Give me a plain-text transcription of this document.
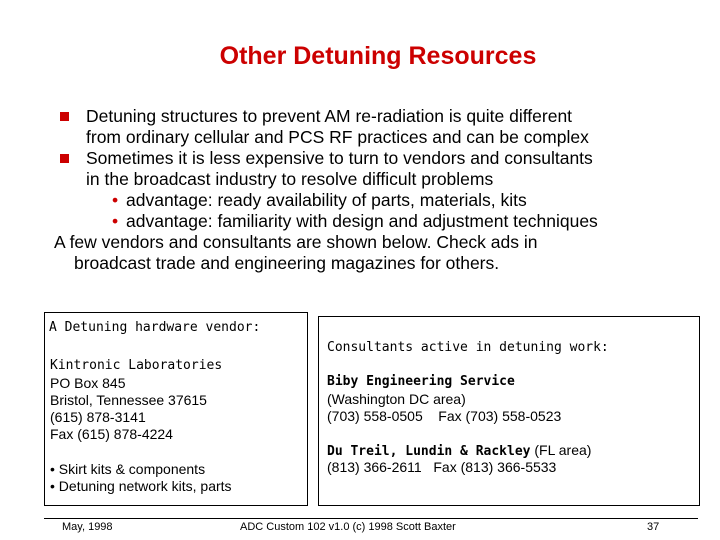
Other Detuning Resources
Detuning structures to prevent AM re-radiation is quite different
from ordinary cellular and PCS RF practices and can be complex
Sometimes it is less expensive to turn to vendors and consultants
in the broadcast industry to resolve difficult problems
• advantage: ready availability of parts, materials, kits
• advantage: familiarity with design and adjustment techniques
A few vendors and consultants are shown below. Check ads in
broadcast trade and engineering magazines for others.
A Detuning hardware vendor:
Kintronic Laboratories
PO Box 845
Bristol, Tennessee 37615
(615) 878-3141
Fax (615) 878-4224
• Skirt kits & components
• Detuning network kits, parts
Consultants active in detuning work:
Biby Engineering Service
(Washington DC area)
(703) 558-0505    Fax (703) 558-0523
Du Treil, Lundin & Rackley (FL area)
(813) 366-2611   Fax (813) 366-5533
May, 1998	ADC Custom 102 v1.0 (c) 1998 Scott Baxter	37
